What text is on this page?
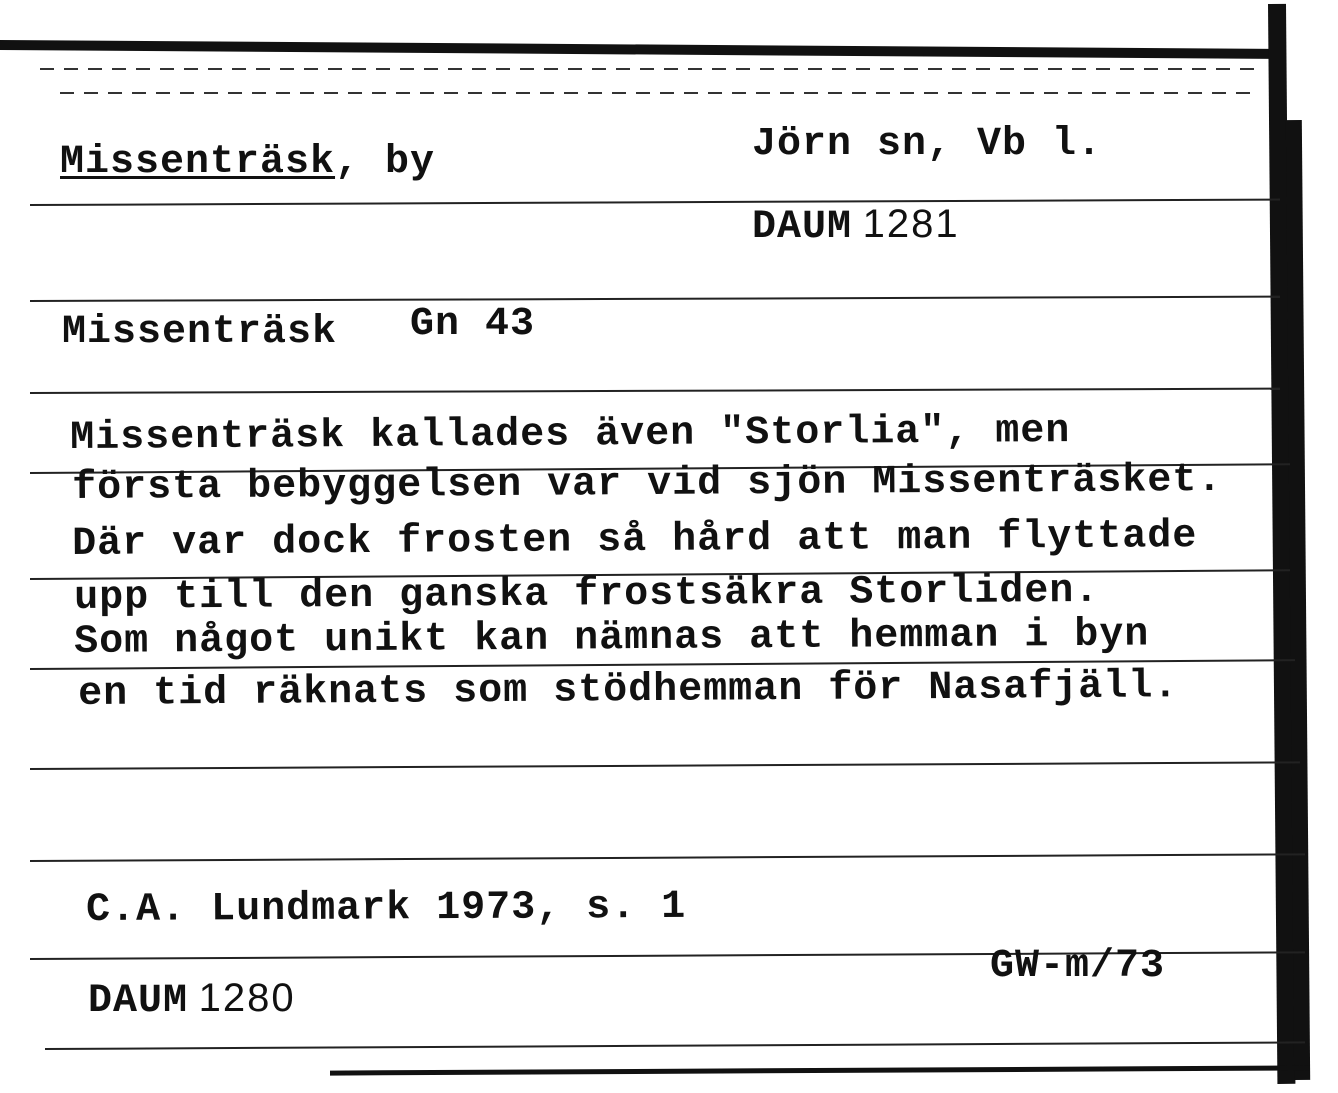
Missenträsk, by	Jörn sn, Vb l.
DAUM 1281
Missenträsk Gn 43
Missenträsk kallades även "Storlia", men
första bebyggelsen var vid sjön Missenträsket.
Där var dock frosten så hård att man flyttade
upp till den ganska frostsäkra Storliden.
Som något unikt kan nämnas att hemman i byn
en tid räknats som stödhemman för Nasafjäll.
C.A. Lundmark 1973, s. 1
GW-m/73
DAUM 1280
